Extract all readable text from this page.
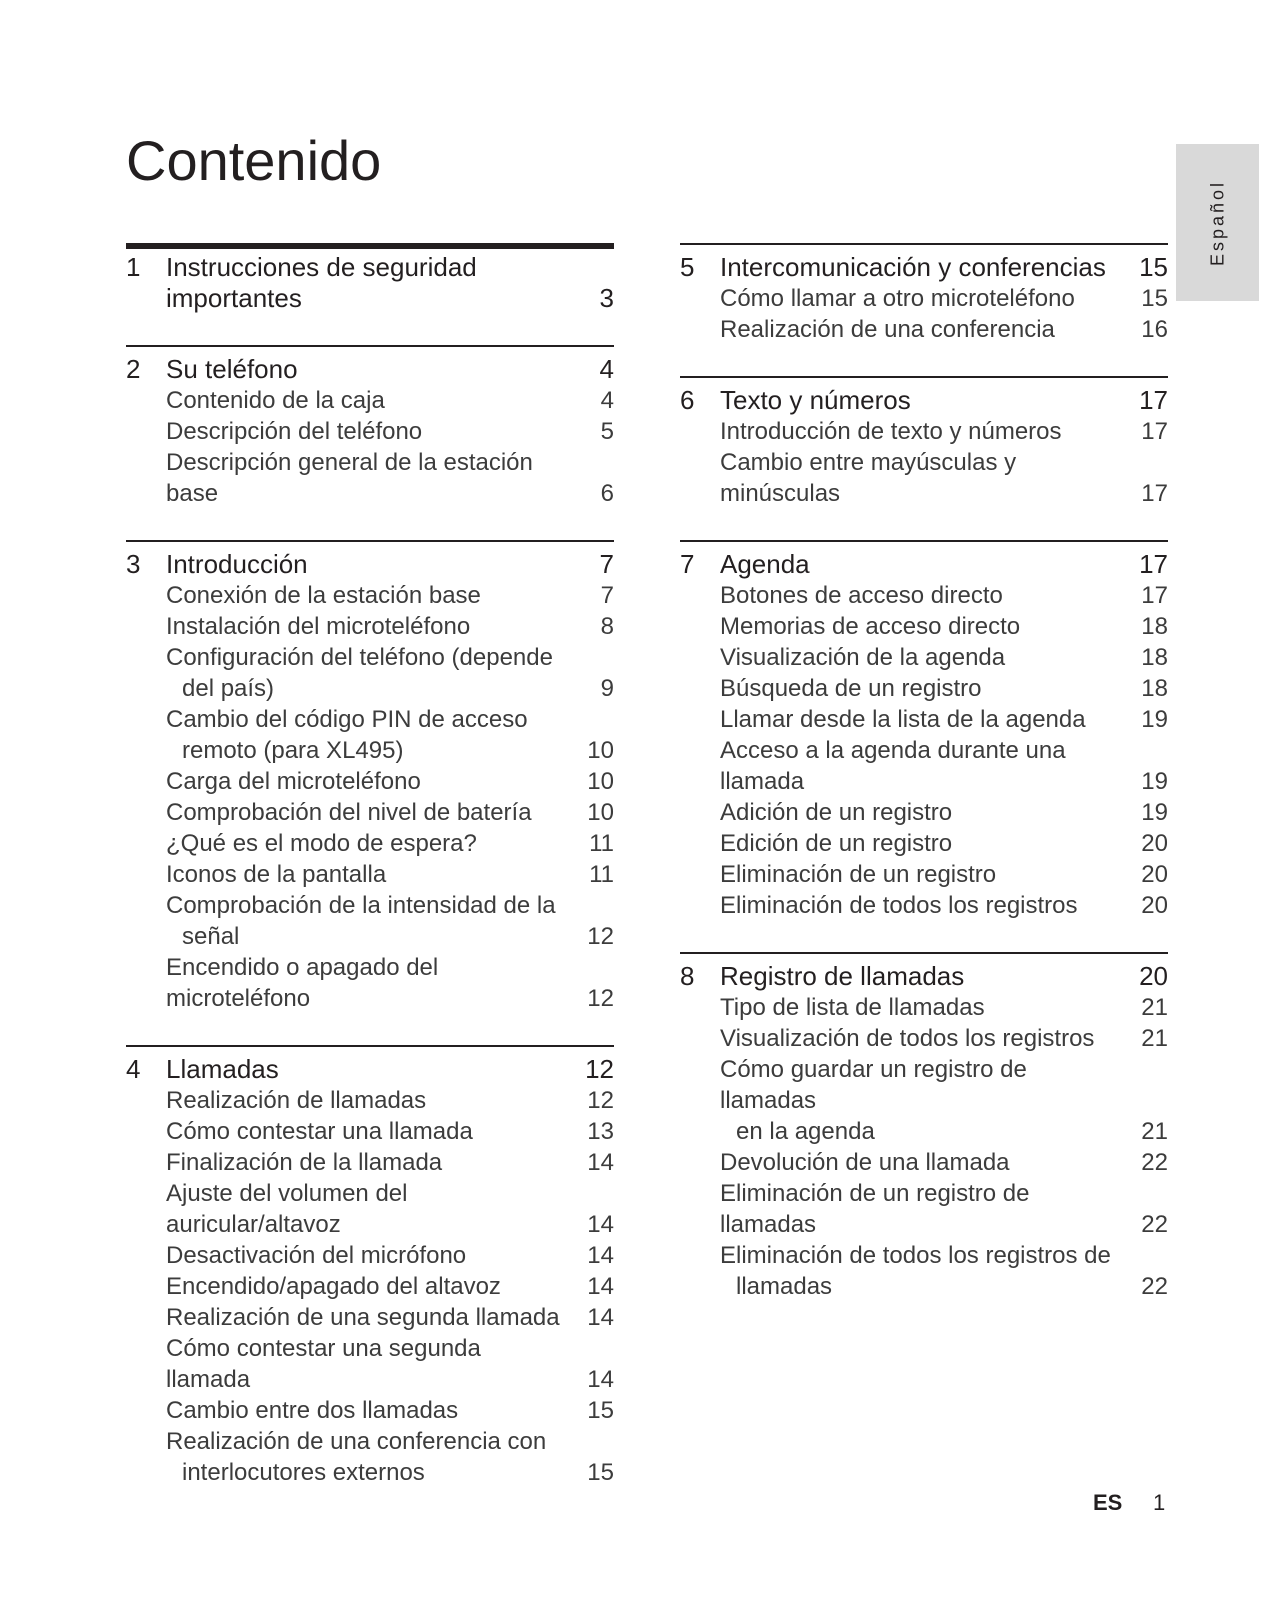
Contenido
Español
1 Instrucciones de seguridad
importantes	3
2 Su teléfono	4
Contenido de la caja	4
Descripción del teléfono	5
Descripción general de la estación base	6
3 Introducción	7
Conexión de la estación base	7
Instalación del microteléfono	8
Configuración del teléfono (depende
del país)	9
Cambio del código PIN de acceso
remoto (para XL495)	10
Carga del microteléfono	10
Comprobación del nivel de batería	10
¿Qué es el modo de espera?	11
Iconos de la pantalla	11
Comprobación de la intensidad de la
señal	12
Encendido o apagado del microteléfono	12
4 Llamadas	12
Realización de llamadas	12
Cómo contestar una llamada	13
Finalización de la llamada	14
Ajuste del volumen del auricular/altavoz	14
Desactivación del micrófono	14
Encendido/apagado del altavoz	14
Realización de una segunda llamada 14
Cómo contestar una segunda llamada	14
Cambio entre dos llamadas	15
Realización de una conferencia con
interlocutores externos	15
5 Intercomunicación y conferencias	15
Cómo llamar a otro microteléfono	15
Realización de una conferencia	16
6 Texto y números	17
Introducción de texto y números	17
Cambio entre mayúsculas y minúsculas	17
7 Agenda	17
Botones de acceso directo	17
Memorias de acceso directo	18
Visualización de la agenda	18
Búsqueda de un registro	18
Llamar desde la lista de la agenda	19
Acceso a la agenda durante una llamada	19
Adición de un registro	19
Edición de un registro	20
Eliminación de un registro	20
Eliminación de todos los registros	20
8 Registro de llamadas	20
Tipo de lista de llamadas	21
Visualización de todos los registros	21
Cómo guardar un registro de llamadas
en la agenda	21
Devolución de una llamada	22
Eliminación de un registro de llamadas	22
Eliminación de todos los registros de
llamadas	22
ES 1
